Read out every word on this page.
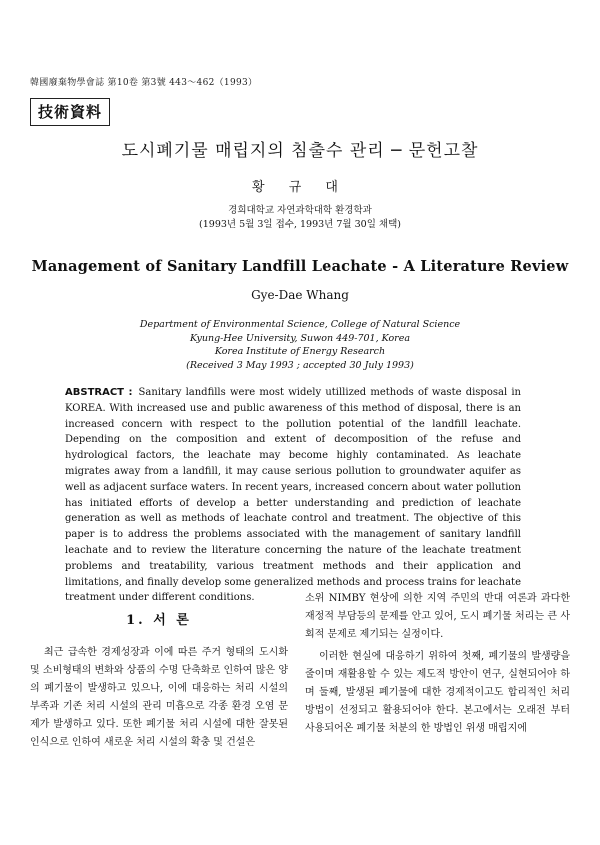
韓國廢棄物學會誌 第10卷 第3號 443～462（1993）
技術資料
도시폐기물 매립지의 침출수 관리 ─ 문헌고찰
황 규 대
경희대학교 자연과학대학 환경학과
(1993년 5월 3일 접수, 1993년 7월 30일 채택)
Management of Sanitary Landfill Leachate - A Literature Review
Gye-Dae Whang
Department of Environmental Science, College of Natural Science
Kyung-Hee University, Suwon 449-701, Korea
Korea Institute of Energy Research
(Received 3 May 1993 ; accepted 30 July 1993)
ABSTRACT : Sanitary landfills were most widely utillized methods of waste disposal in KOREA. With increased use and public awareness of this method of disposal, there is an increased concern with respect to the pollution potential of the landfill leachate. Depending on the composition and extent of decomposition of the refuse and hydrological factors, the leachate may become highly contaminated. As leachate migrates away from a landfill, it may cause serious pollution to groundwater aquifer as well as adjacent surface waters. In recent years, increased concern about water pollution has initiated efforts of develop a better understanding and prediction of leachate generation as well as methods of leachate control and treatment. The objective of this paper is to address the problems associated with the management of sanitary landfill leachate and to review the literature concerning the nature of the leachate treatment problems and treatability, various treatment methods and their application and limitations, and finally develop some generalized methods and process trains for leachate treatment under different conditions.
1. 서 론

최근 급속한 경제성장과 이에 따른 주거 형태의 도시화 및 소비형태의 변화와 상품의 수명 단축화로 인하여 많은 양의 폐기물이 발생하고 있으나, 이에 대응하는 처리 시설의 부족과 기존 처리 시설의 관리 미흡으로 각종 환경 오염 문제가 발생하고 있다. 또한 폐기물 처리 시설에 대한 잘못된 인식으로 인하여 새로운 처리 시설의 확충 및 건설은

소위 NIMBY 현상에 의한 지역 주민의 반대 여론과 과다한 재정적 부담등의 문제를 안고 있어, 도시 폐기물 처리는 큰 사회적 문제로 제기되는 실정이다.

이러한 현실에 대응하기 위하여 첫째, 폐기물의 발생량을 줄이며 재활용할 수 있는 제도적 방안이 연구, 실현되어야 하며 둘째, 발생된 폐기물에 대한 경제적이고도 합리적인 처리 방법이 선정되고 활용되어야 한다. 본고에서는 오래전 부터 사용되어온 폐기물 처분의 한 방법인 위생 매립지에
